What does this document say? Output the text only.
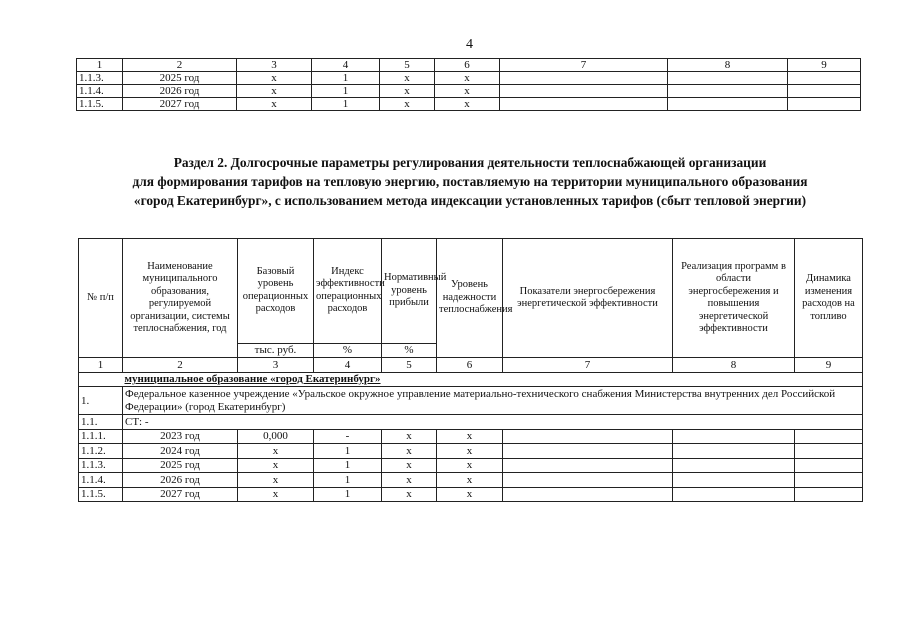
4
1	2	3	4	5	6	7	8	9
1.1.3.	2025 год	х	1	х	х			
1.1.4.	2026 год	х	1	х	х			
1.1.5.	2027 год	х	1	х	х			
Раздел 2. Долгосрочные параметры регулирования деятельности теплоснабжающей организации
для формирования тарифов на тепловую энергию, поставляемую на территории муниципального образования
«город Екатеринбург», с использованием метода индексации установленных тарифов (сбыт тепловой энергии)
№ п/п	Наименование муниципального образования, регулируемой организации, системы теплоснабжения, год	Базовый уровень операционных расходов	Индекс эффективности операционных расходов	Нормативный уровень прибыли	Уровень надежности теплоснабжения	Показатели энергосбережения энергетической эффективности	Реализация программ в области энергосбережения и повышения энергетической эффективности	Динамика изменения расходов на топливо
		тыс. руб.	%	%				
1	2	3	4	5	6	7	8	9
	муниципальное образование «город Екатеринбург»							
1.	Федеральное казенное учреждение «Уральское окружное управление материально-технического снабжения Министерства внутренних дел Российской Федерации» (город Екатеринбург)							
1.1.	СТ: -							
1.1.1.	2023 год	0,000	-	х	х			
1.1.2.	2024 год	х	1	х	х			
1.1.3.	2025 год	х	1	х	х			
1.1.4.	2026 год	х	1	х	х			
1.1.5.	2027 год	х	1	х	х			
